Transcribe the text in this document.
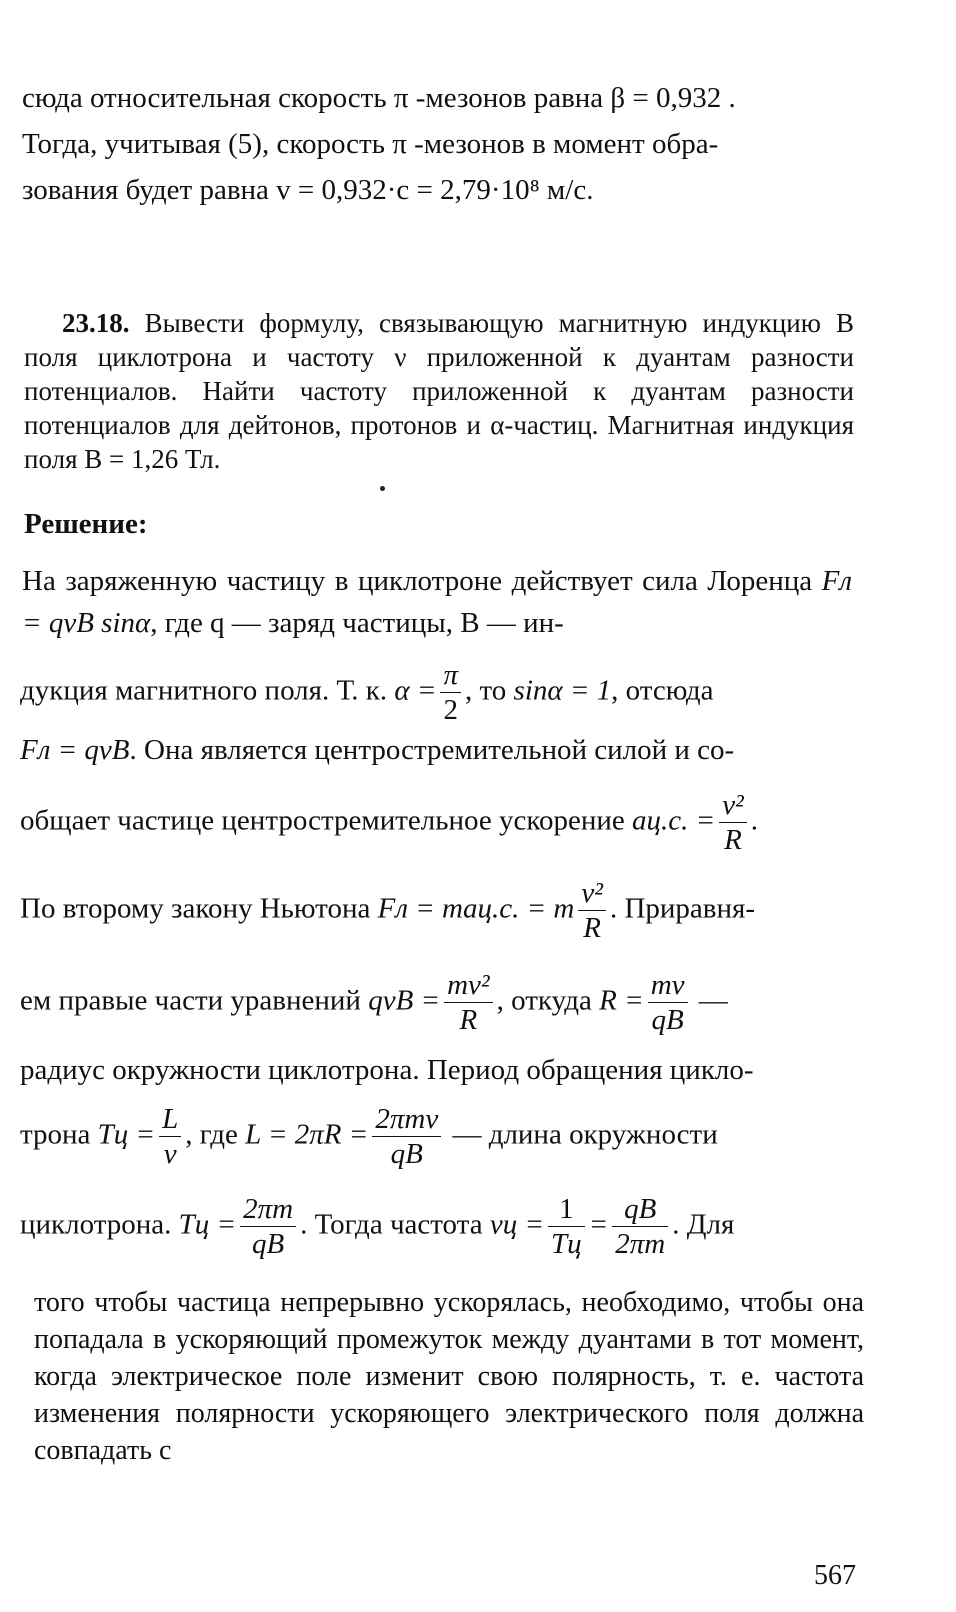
сюда относительная скорость π -мезонов равна β = 0,932 .

Тогда, учитывая (5), скорость π -мезонов в момент обра-

зования будет равна v = 0,932·c = 2,79·10⁸ м/с.

23.18. Вывести формулу, связывающую магнитную индукцию B поля циклотрона и частоту ν приложенной к дуантам разности потенциалов. Найти частоту приложенной к дуантам разности потенциалов для дейтонов, протонов и α-частиц. Магнитная индукция поля B = 1,26 Тл.

Решение:

На заряженную частицу в циклотроне действует сила Лоренца Fл = qvB sinα, где q — заряд частицы, B — ин-

дукция магнитного поля. Т. к. $\alpha = \frac{\pi}{2}$ , то sinα = 1, отсюда

Fл = qvB. Она является центростремительной силой и со-

общает частице центростремительное ускорение aц.с. = $\frac{\text{v²}}{R}$ .

По второму закону Ньютона Fл = maц.с. = m $\frac{\text{v²}}{R}$ . Приравня-

ем правые части уравнений qvB = $\frac{\text{mv²}}{R}$ , откуда $R = \frac{mv}{qB}$ —

радиус окружности циклотрона. Период обращения цикло-

трона Tц = $\frac{L}{v}$ , где $L = 2\pi R = \frac{\text{2πmv}}{qB}$ — длина окружности

циклотрона. Tц = $\frac{2\pi m}{qB}$ . Тогда частота $\nu ц = \frac{1}{Tц} = \frac{qB}{2\pi m}$ . Для

того чтобы частица непрерывно ускорялась, необходимо, чтобы она попадала в ускоряющий промежуток между дуантами в тот момент, когда электрическое поле изменит свою полярность, т. е. частота изменения полярности ускоряющего электрического поля должна совпадать с

567
